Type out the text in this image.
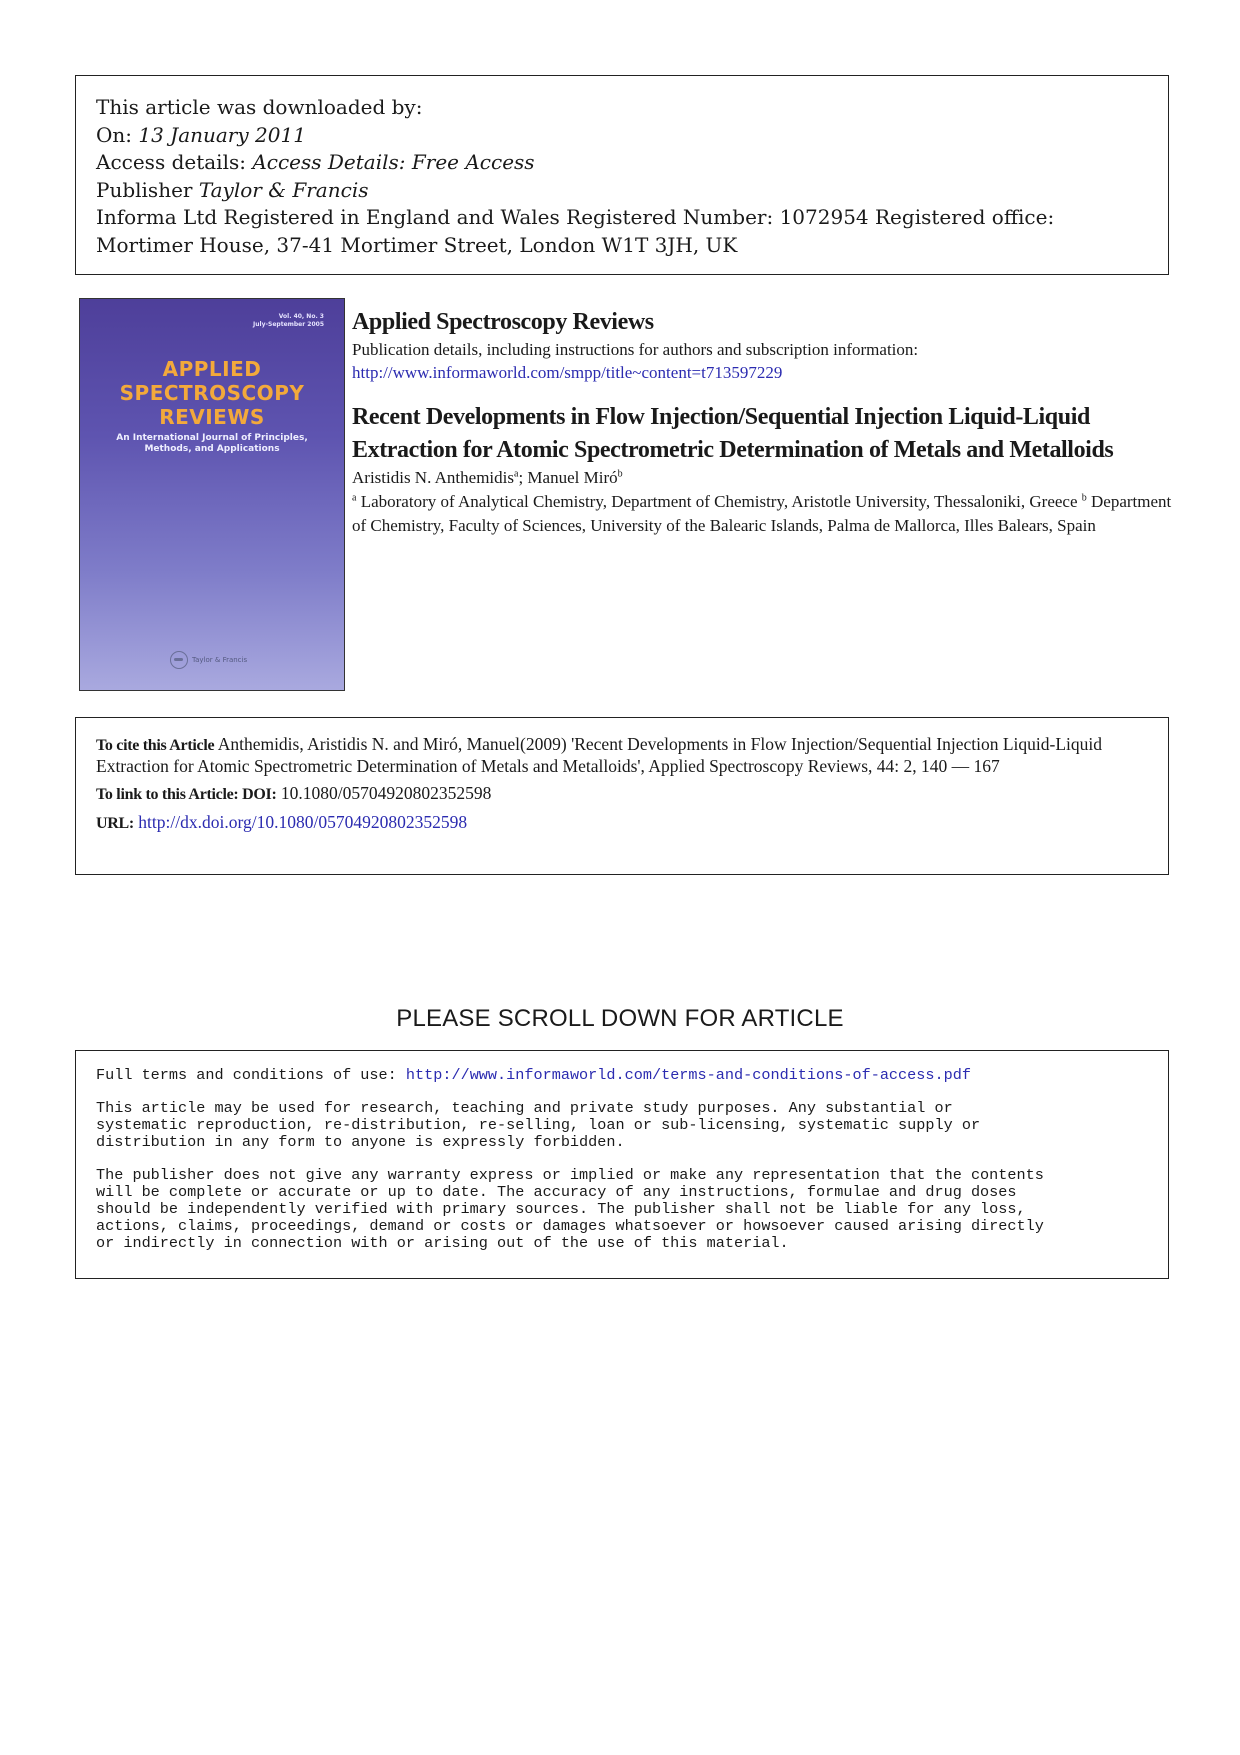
This article was downloaded by:
On: 13 January 2011
Access details: Access Details: Free Access
Publisher Taylor & Francis
Informa Ltd Registered in England and Wales Registered Number: 1072954 Registered office: Mortimer House, 37-41 Mortimer Street, London W1T 3JH, UK
Vol. 40, No. 3
July-September 2005
APPLIED
SPECTROSCOPY
REVIEWS
An International Journal of Principles,
Methods, and Applications
Taylor & Francis
Applied Spectroscopy Reviews
Publication details, including instructions for authors and subscription information:
http://www.informaworld.com/smpp/title~content=t713597229
Recent Developments in Flow Injection/Sequential Injection Liquid-Liquid Extraction for Atomic Spectrometric Determination of Metals and Metalloids
Aristidis N. Anthemidis$^a$; Manuel Miró$^b$
$^a$ Laboratory of Analytical Chemistry, Department of Chemistry, Aristotle University, Thessaloniki, Greece $^b$ Department of Chemistry, Faculty of Sciences, University of the Balearic Islands, Palma de Mallorca, Illes Balears, Spain
To cite this Article Anthemidis, Aristidis N. and Miró, Manuel(2009) 'Recent Developments in Flow Injection/Sequential Injection Liquid-Liquid Extraction for Atomic Spectrometric Determination of Metals and Metalloids', Applied Spectroscopy Reviews, 44: 2, 140 — 167
To link to this Article: DOI: 10.1080/05704920802352598
URL: http://dx.doi.org/10.1080/05704920802352598
PLEASE SCROLL DOWN FOR ARTICLE

Full terms and conditions of use: http://www.informaworld.com/terms-and-conditions-of-access.pdf

This article may be used for research, teaching and private study purposes. Any substantial or
systematic reproduction, re-distribution, re-selling, loan or sub-licensing, systematic supply or
distribution in any form to anyone is expressly forbidden.

The publisher does not give any warranty express or implied or make any representation that the contents
will be complete or accurate or up to date. The accuracy of any instructions, formulae and drug doses
should be independently verified with primary sources. The publisher shall not be liable for any loss,
actions, claims, proceedings, demand or costs or damages whatsoever or howsoever caused arising directly
or indirectly in connection with or arising out of the use of this material.
